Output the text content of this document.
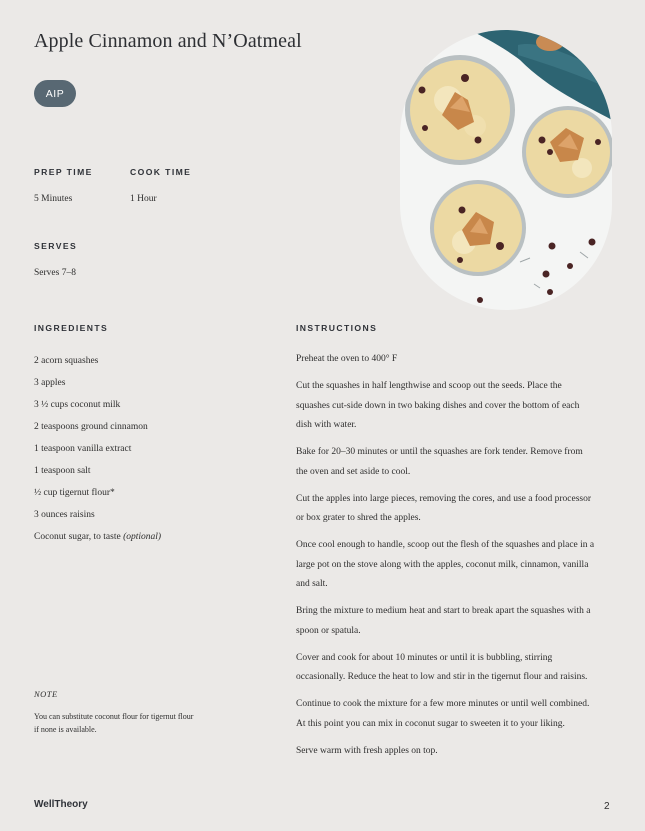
Apple Cinnamon and N’Oatmeal
AIP
PREP TIME
5 Minutes
COOK TIME
1 Hour
SERVES
Serves 7–8
INGREDIENTS
2 acorn squashes
3 apples
3 ½ cups coconut milk
2 teaspoons ground cinnamon
1 teaspoon vanilla extract
1 teaspoon salt
½ cup tigernut flour*
3 ounces raisins
Coconut sugar, to taste (optional)
INSTRUCTIONS

Preheat the oven to 400° F

Cut the squashes in half lengthwise and scoop out the seeds. Place the squashes cut-side down in two baking dishes and cover the bottom of each dish with water.

Bake for 20–30 minutes or until the squashes are fork tender. Remove from the oven and set aside to cool.

Cut the apples into large pieces, removing the cores, and use a food processor or box grater to shred the apples.

Once cool enough to handle, scoop out the flesh of the squashes and place in a large pot on the stove along with the apples, coconut milk, cinnamon, vanilla and salt.

Bring the mixture to medium heat and start to break apart the squashes with a spoon or spatula.

Cover and cook for about 10 minutes or until it is bubbling, stirring occasionally. Reduce the heat to low and stir in the tigernut flour and raisins.

Continue to cook the mixture for a few more minutes or until well combined. At this point you can mix in coconut sugar to sweeten it to your liking.

Serve warm with fresh apples on top.

NOTE
You can substitute coconut flour for tigernut flour if none is available.
WellTheory	2
